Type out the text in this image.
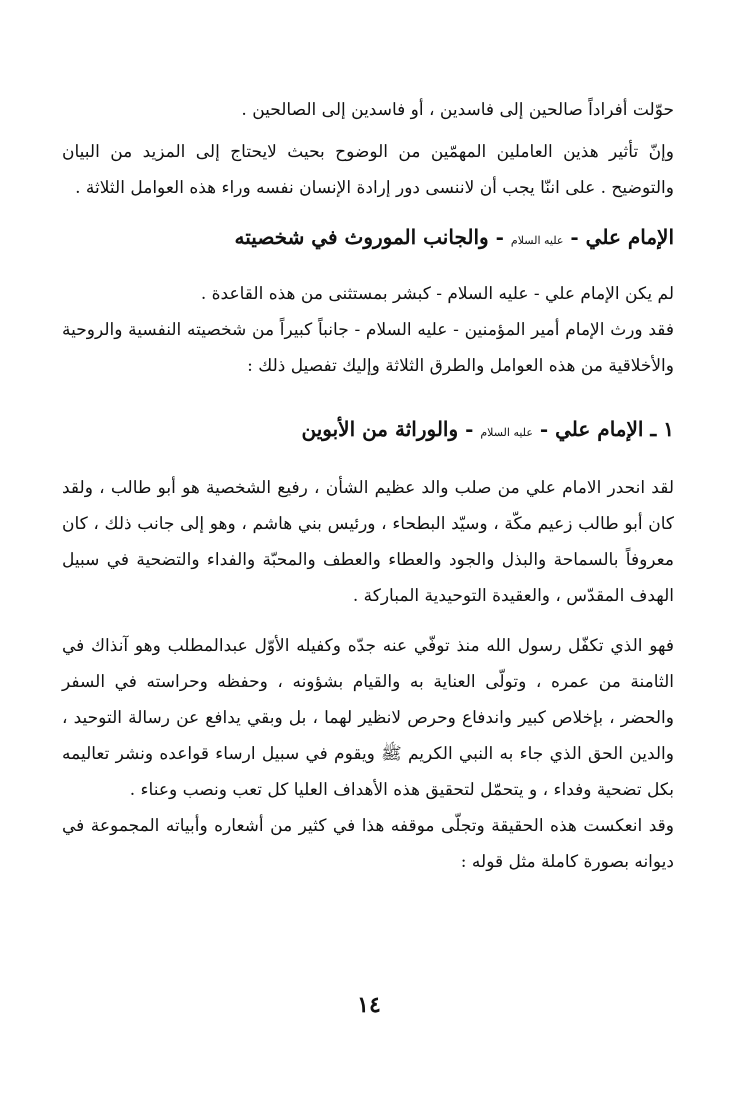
حوّلت أفراداً صالحين إلى فاسدين ، أو فاسدين إلى الصالحين .

وإنّ تأثير هذين العاملين المهمّين من الوضوح بحيث لايحتاج إلى المزيد من البيان والتوضيح . على اننّا يجب أن لاننسى دور إرادة الإنسان نفسه وراء هذه العوامل الثلاثة .

الإمام علي - عليه السلام - والجانب الموروث في شخصيته

لم يكن الإمام علي - عليه السلام - كبشر بمستثنى من هذه القاعدة .

فقد ورث الإمام أمير المؤمنين - عليه السلام - جانباً كبيراً من شخصيته النفسية والروحية والأخلاقية من هذه العوامل والطرق الثلاثة وإليك تفصيل ذلك :

١ ـ الإمام علي - عليه السلام - والوراثة من الأبوين

لقد انحدر الامام علي من صلب والد عظيم الشأن ، رفيع الشخصية هو أبو طالب ، ولقد كان أبو طالب زعيم مكّة ، وسيّد البطحاء ، ورئيس بني هاشم ، وهو إلى جانب ذلك ، كان معروفاً بالسماحة والبذل والجود والعطاء والعطف والمحبّة والفداء والتضحية في سبيل الهدف المقدّس ، والعقيدة التوحيدية المباركة .

فهو الذي تكفّل رسول الله منذ توفّي عنه جدّه وكفيله الأوّل عبدالمطلب وهو آنذاك في الثامنة من عمره ، وتولّى العناية به والقيام بشؤونه ، وحفظه وحراسته في السفر والحضر ، بإخلاص كبير واندفاع وحرص لانظير لهما ، بل وبقي يدافع عن رسالة التوحيد ، والدين الحق الذي جاء به النبي الكريم ﷺ ويقوم في سبيل ارساء قواعده ونشر تعاليمه بكل تضحية وفداء ، و يتحمّل لتحقيق هذه الأهداف العليا كل تعب ونصب وعناء .

وقد انعكست هذه الحقيقة وتجلّى موقفه هذا في كثير من أشعاره وأبياته المجموعة في ديوانه بصورة كاملة مثل قوله :

١٤
